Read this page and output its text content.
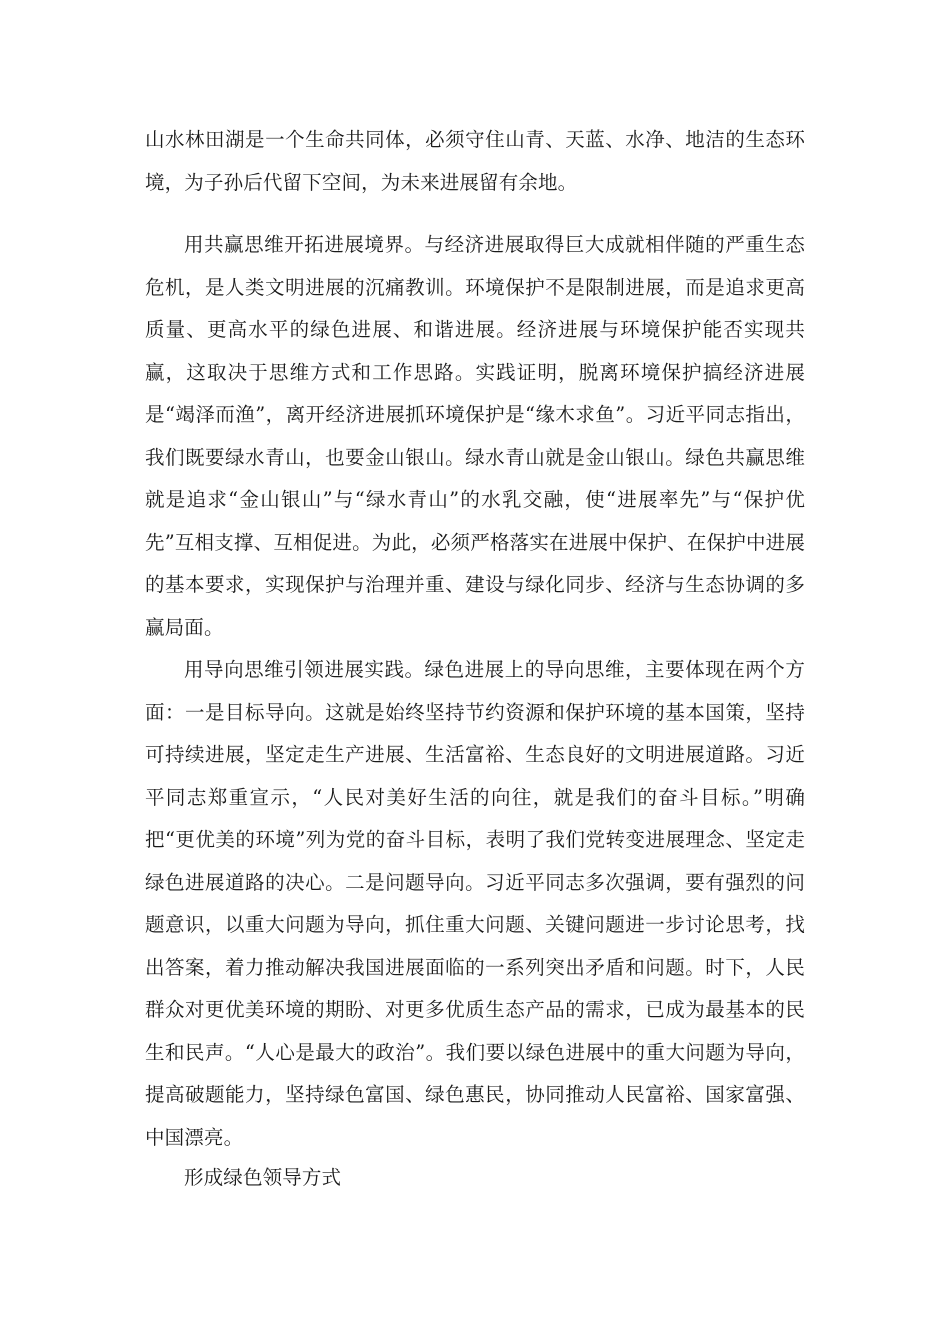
山水林田湖是一个生命共同体，必须守住山青、天蓝、水净、地洁的生态环境，为子孙后代留下空间，为未来进展留有余地。

用共赢思维开拓进展境界。与经济进展取得巨大成就相伴随的严重生态危机，是人类文明进展的沉痛教训。环境保护不是限制进展，而是追求更高质量、更高水平的绿色进展、和谐进展。经济进展与环境保护能否实现共赢，这取决于思维方式和工作思路。实践证明，脱离环境保护搞经济进展是“竭泽而渔”，离开经济进展抓环境保护是“缘木求鱼”。习近平同志指出，我们既要绿水青山，也要金山银山。绿水青山就是金山银山。绿色共赢思维就是追求“金山银山”与“绿水青山”的水乳交融，使“进展率先”与“保护优先”互相支撑、互相促进。为此，必须严格落实在进展中保护、在保护中进展的基本要求，实现保护与治理并重、建设与绿化同步、经济与生态协调的多赢局面。

用导向思维引领进展实践。绿色进展上的导向思维，主要体现在两个方面：一是目标导向。这就是始终坚持节约资源和保护环境的基本国策，坚持可持续进展，坚定走生产进展、生活富裕、生态良好的文明进展道路。习近平同志郑重宣示，“人民对美好生活的向往，就是我们的奋斗目标。”明确把“更优美的环境”列为党的奋斗目标，表明了我们党转变进展理念、坚定走绿色进展道路的决心。二是问题导向。习近平同志多次强调，要有强烈的问题意识，以重大问题为导向，抓住重大问题、关键问题进一步讨论思考，找出答案，着力推动解决我国进展面临的一系列突出矛盾和问题。时下，人民群众对更优美环境的期盼、对更多优质生态产品的需求，已成为最基本的民生和民声。“人心是最大的政治”。我们要以绿色进展中的重大问题为导向，提高破题能力，坚持绿色富国、绿色惠民，协同推动人民富裕、国家富强、中国漂亮。

形成绿色领导方式
